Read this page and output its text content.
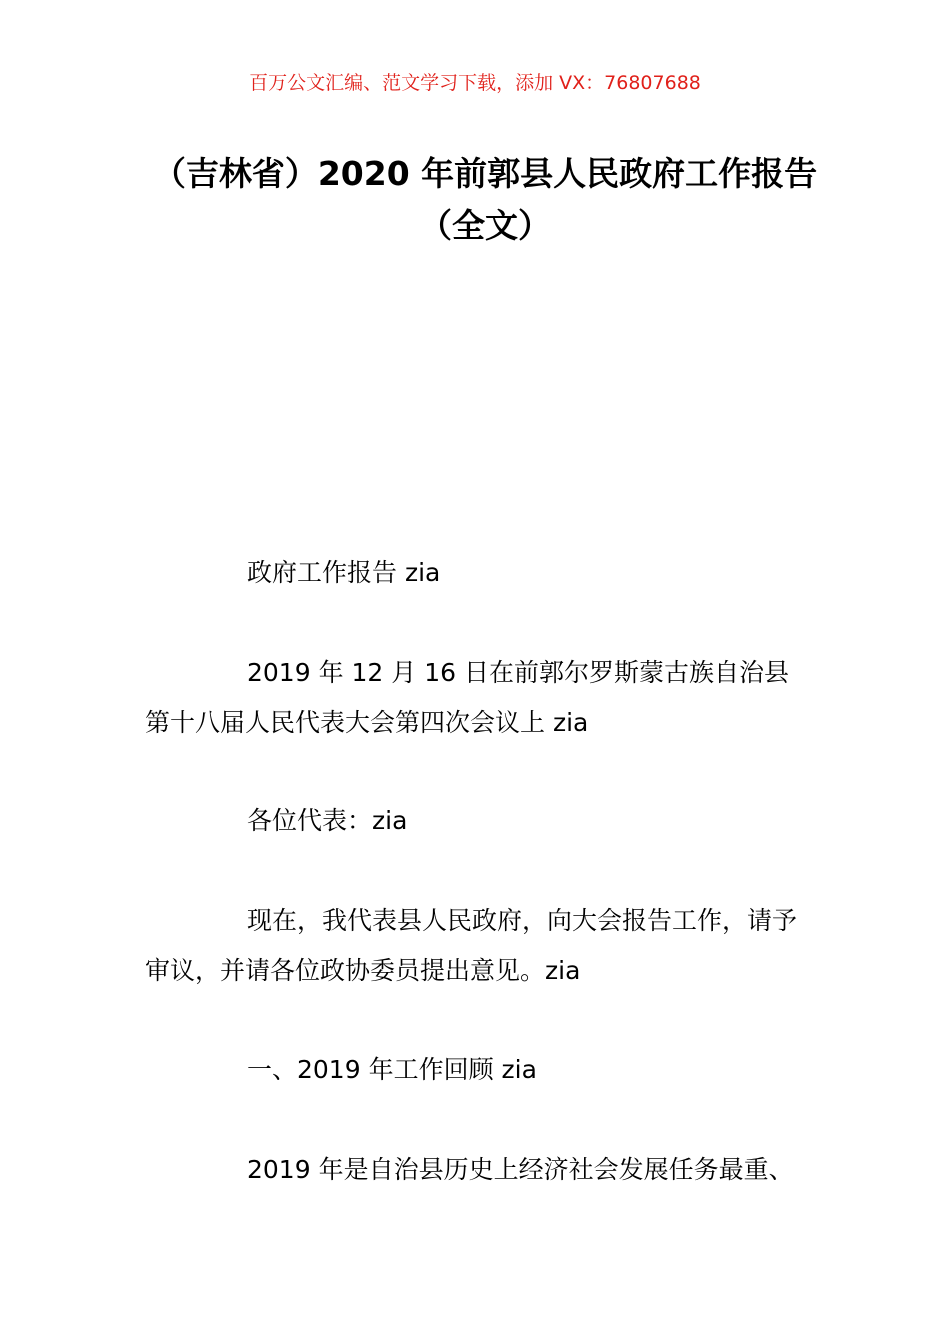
百万公文汇编、范文学习下载，添加 VX：76807688
（吉林省）2020 年前郭县人民政府工作报告（全文）

政府工作报告 zia

2019 年 12 月 16 日在前郭尔罗斯蒙古族自治县第十八届人民代表大会第四次会议上 zia

各位代表：zia

现在，我代表县人民政府，向大会报告工作，请予审议，并请各位政协委员提出意见。zia

一、2019 年工作回顾 zia

2019 年是自治县历史上经济社会发展任务最重、
